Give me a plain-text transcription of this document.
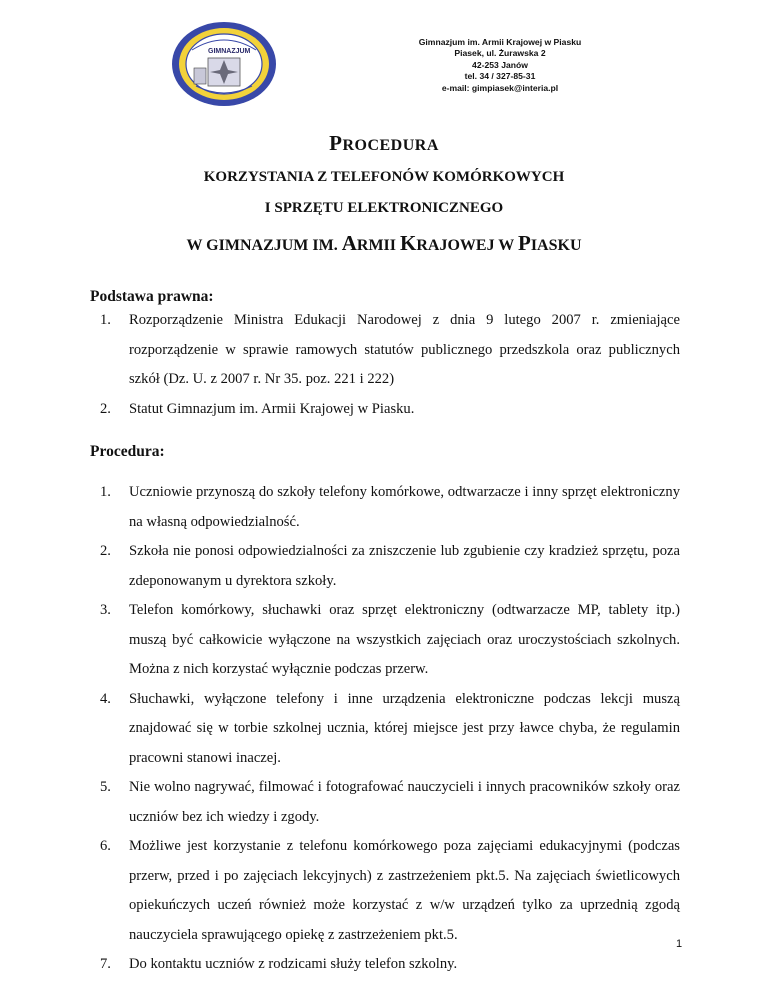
GIMNAZJUM
Gimnazjum im. Armii Krajowej w Piasku
Piasek, ul. Żurawska 2
42-253 Janów
tel. 34 / 327-85-31
e-mail: gimpiasek@interia.pl
PROCEDURA
KORZYSTANIA Z TELEFONÓW KOMÓRKOWYCH
I SPRZĘTU ELEKTRONICZNEGO
W GIMNAZJUM IM. ARMII KRAJOWEJ W PIASKU
Podstawa prawna:
1. Rozporządzenie Ministra Edukacji Narodowej z dnia 9 lutego 2007 r. zmieniające rozporządzenie w sprawie ramowych statutów publicznego przedszkola oraz publicznych szkół (Dz. U. z 2007 r. Nr 35. poz. 221 i 222)
2. Statut Gimnazjum im. Armii Krajowej w Piasku.
Procedura:
1. Uczniowie przynoszą do szkoły telefony komórkowe, odtwarzacze i inny sprzęt elektroniczny na własną odpowiedzialność.
2. Szkoła nie ponosi odpowiedzialności za zniszczenie lub zgubienie czy kradzież sprzętu, poza zdeponowanym u dyrektora szkoły.
3. Telefon komórkowy, słuchawki oraz sprzęt elektroniczny (odtwarzacze MP, tablety itp.) muszą być całkowicie wyłączone na wszystkich zajęciach oraz uroczystościach szkolnych. Można z nich korzystać wyłącznie podczas przerw.
4. Słuchawki, wyłączone telefony i inne urządzenia elektroniczne podczas lekcji muszą znajdować się w torbie szkolnej ucznia, której miejsce jest przy ławce chyba, że regulamin pracowni stanowi inaczej.
5. Nie wolno nagrywać, filmować i fotografować nauczycieli i innych pracowników szkoły oraz uczniów bez ich wiedzy i zgody.
6. Możliwe jest korzystanie z telefonu komórkowego poza zajęciami edukacyjnymi (podczas przerw, przed i po zajęciach lekcyjnych) z zastrzeżeniem pkt.5. Na zajęciach świetlicowych opiekuńczych uczeń również może korzystać z w/w urządzeń tylko za uprzednią zgodą nauczyciela sprawującego opiekę z zastrzeżeniem pkt.5.
7. Do kontaktu uczniów z rodzicami służy telefon szkolny.
1
